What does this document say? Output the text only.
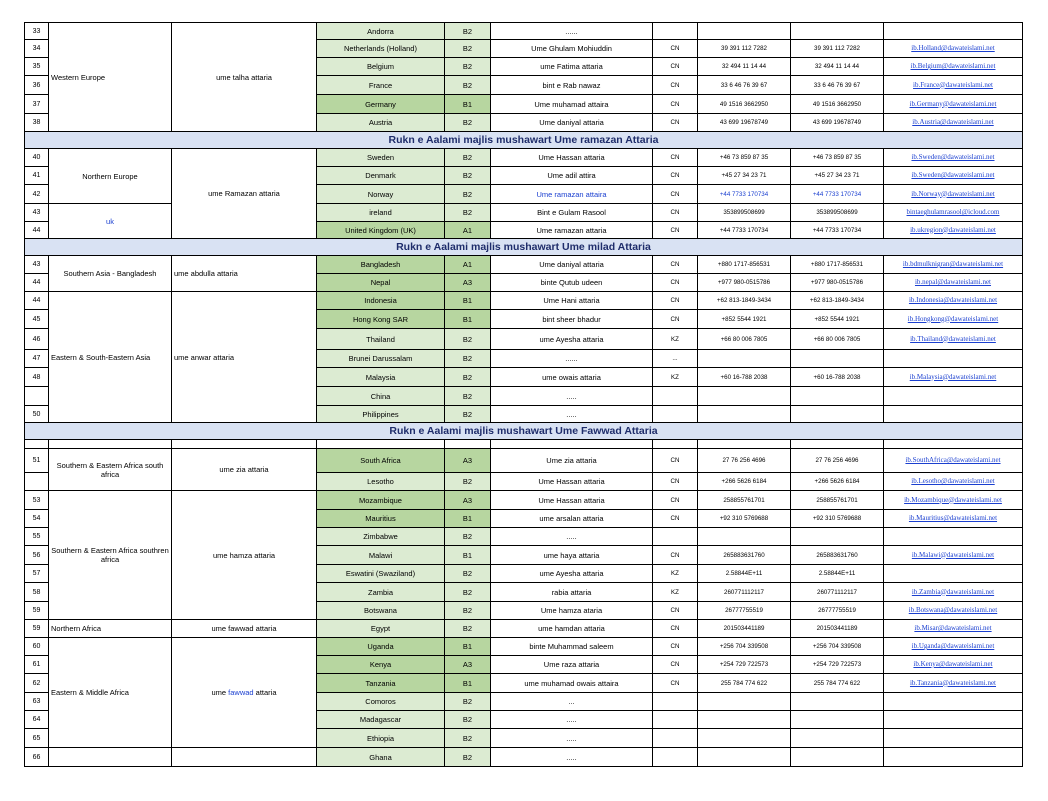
33	Western Europe	ume talha attaria	Andorra	B2	......				
34			Netherlands (Holland)	B2	Ume Ghulam Mohiuddin	CN	39 391 112 7282	39 391 112 7282	ib.Holland@dawateislami.net
35			Belgium	B2	ume Fatima attaria	CN	32 494 11 14 44	32 494 11 14 44	ib.Belgium@dawateislami.net
36			France	B2	bint e Rab nawaz	CN	33 6 46 76 39 67	33 6 46 76 39 67	ib.France@dawateislami.net
37			Germany	B1	Ume muhamad attaira	CN	49 1516 3662950	49 1516 3662950	ib.Germany@dawateislami.net
38			Austria	B2	Ume daniyal attaria	CN	43 699 19678749	43 699 19678749	ib.Austria@dawateislami.net
Rukn e Aalami majlis mushawart Ume ramazan Attaria									
40	Northern Europe	ume Ramazan attaria	Sweden	B2	Ume Hassan attaria	CN	+46 73 859 87 35	+46 73 859 87 35	ib.Sweden@dawateislami.net
41			Denmark	B2	Ume adil attira	CN	+45 27 34 23 71	+45 27 34 23 71	ib.Sweden@dawateislami.net
42			Norway	B2	Ume ramazan attaira	CN	+44 7733 170734	+44 7733 170734	ib.Norway@dawateislami.net
43	uk		ireland	B2	Bint e Gulam Rasool	CN	353899508699	353899508699	bintaeghulamrasool@icloud.com
44			United Kingdom (UK)	A1	Ume ramazan attaria	CN	+44 7733 170734	+44 7733 170734	ib.ukregion@dawateislami.net
Rukn e Aalami majlis mushawart Ume milad Attaria									
43	Southern Asia - Bangladesh	ume abdulla attaria	Bangladesh	A1	Ume daniyal attaria	CN	+880 1717-856531	+880 1717-856531	ib.bdmulknigran@dawateislami.net
44			Nepal	A3	binte Qutub udeen	CN	+977 980-0515786	+977 980-0515786	ib.nepal@dawateislami.net
44	Eastern & South-Eastern Asia	ume anwar attaria	Indonesia	B1	Ume Hani attaria	CN	+62 813-1849-3434	+62 813-1849-3434	ib.Indonesia@dawateislami.net
45			Hong Kong SAR	B1	bint sheer bhadur	CN	+852 5544 1921	+852 5544 1921	ib.Hongkong@dawateislami.net
46			Thailand	B2	ume Ayesha attaria	KZ	+66 80 006 7805	+66 80 006 7805	ib.Thailand@dawateislami.net
47			Brunei Darussalam	B2	......	...			
48			Malaysia	B2	ume owais attaria	KZ	+60 16-788 2038	+60 16-788 2038	ib.Malaysia@dawateislami.net
			China	B2	.....				
50			Philippines	B2	.....				
Rukn e Aalami majlis mushawart Ume Fawwad Attaria									

51	Southern & Eastern Africa south africa	ume zia attaria	South Africa	A3	Ume zia attaria	CN	27 76 256 4696	27 76 256 4696	ib.SouthAfrica@dawateislami.net
			Lesotho	B2	Ume Hassan attaria	CN	+266 5626 6184	+266 5626 6184	ib.Lesotho@dawateislami.net
53	Southern & Eastern Africa southren africa	ume hamza attaria	Mozambique	A3	Ume Hassan attaria	CN	258855761701	258855761701	ib.Mozambique@dawateislami.net
54			Mauritius	B1	ume arsalan attaria	CN	+92 310 5769688	+92 310 5769688	ib.Mauritius@dawateislami.net
55			Zimbabwe	B2	.....				
56			Malawi	B1	ume haya attaria	CN	265883631760	265883631760	ib.Malawi@dawateislami.net
57			Eswatini (Swaziland)	B2	ume Ayesha attaria	KZ	2.58844E+11	2.58844E+11	
58			Zambia	B2	rabia attaria	KZ	260771112117	260771112117	ib.Zambia@dawateislami.net
59			Botswana	B2	Ume hamza ataria	CN	26777755519	26777755519	ib.Botswana@dawateislami.net
59	Northern Africa	ume fawwad attaria	Egypt	B2	ume hamdan attaria	CN	201503441189	201503441189	ib.Misar@dawateislami.net
60	Eastern & Middle Africa	ume fawwad attaria	Uganda	B1	binte Muhammad saleem	CN	+256 704 339508	+256 704 339508	ib.Uganda@dawateislami.net
61			Kenya	A3	Ume raza attaria	CN	+254 729 722573	+254 729 722573	ib.Kenya@dawateislami.net
62			Tanzania	B1	ume muhamad owais attaira	CN	255 784 774 622	255 784 774 622	ib.Tanzania@dawateislami.net
63			Comoros	B2	...				
64			Madagascar	B2	.....				
65			Ethiopia	B2	.....				
66			Ghana	B2	.....				
